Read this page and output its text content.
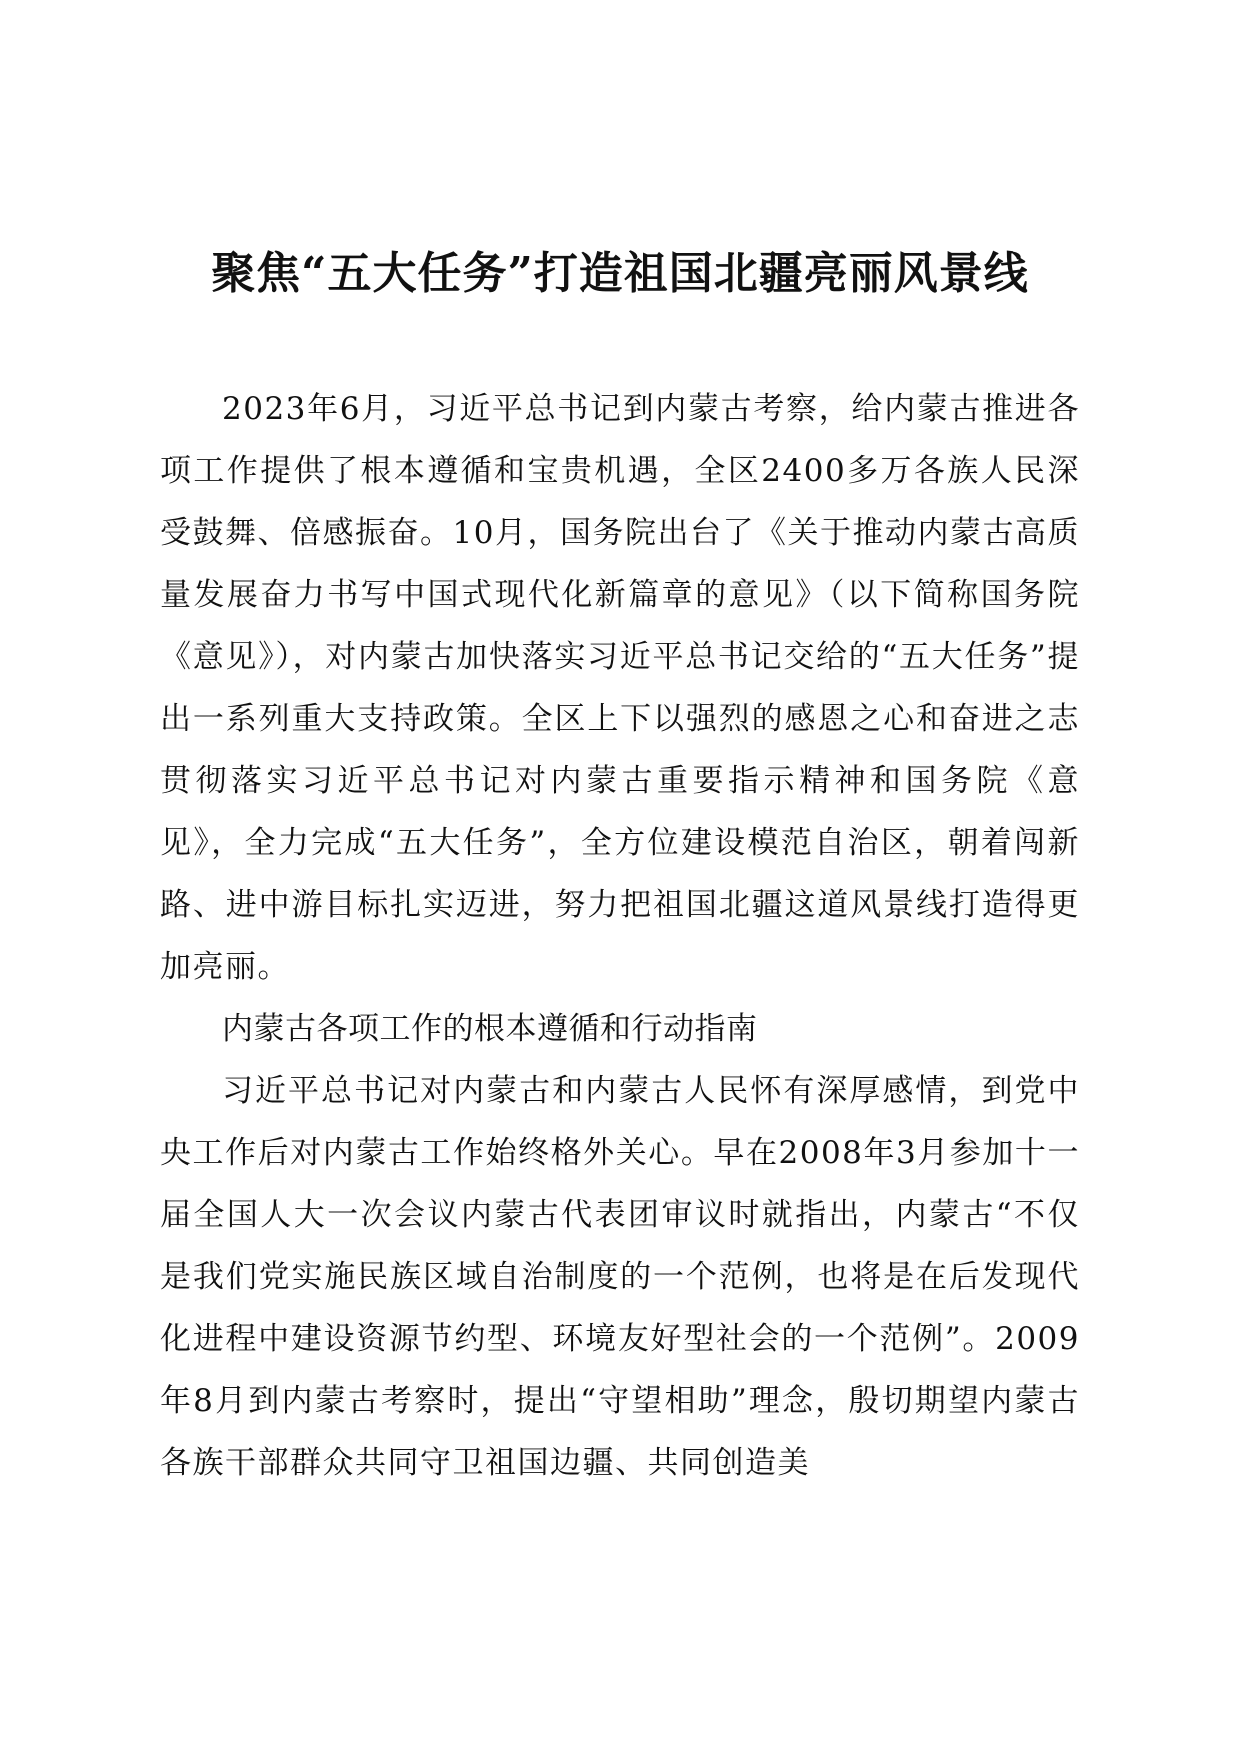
聚焦“五大任务”打造祖国北疆亮丽风景线

2023年6月，习近平总书记到内蒙古考察，给内蒙古推进各项工作提供了根本遵循和宝贵机遇，全区2400多万各族人民深受鼓舞、倍感振奋。10月，国务院出台了《关于推动内蒙古高质量发展奋力书写中国式现代化新篇章的意见》（以下简称国务院《意见》），对内蒙古加快落实习近平总书记交给的“五大任务”提出一系列重大支持政策。全区上下以强烈的感恩之心和奋进之志贯彻落实习近平总书记对内蒙古重要指示精神和国务院《意见》，全力完成“五大任务”，全方位建设模范自治区，朝着闯新路、进中游目标扎实迈进，努力把祖国北疆这道风景线打造得更加亮丽。

内蒙古各项工作的根本遵循和行动指南

习近平总书记对内蒙古和内蒙古人民怀有深厚感情，到党中央工作后对内蒙古工作始终格外关心。早在2008年3月参加十一届全国人大一次会议内蒙古代表团审议时就指出，内蒙古“不仅是我们党实施民族区域自治制度的一个范例，也将是在后发现代化进程中建设资源节约型、环境友好型社会的一个范例”。2009年8月到内蒙古考察时，提出“守望相助”理念，殷切期望内蒙古各族干部群众共同守卫祖国边疆、共同创造美
